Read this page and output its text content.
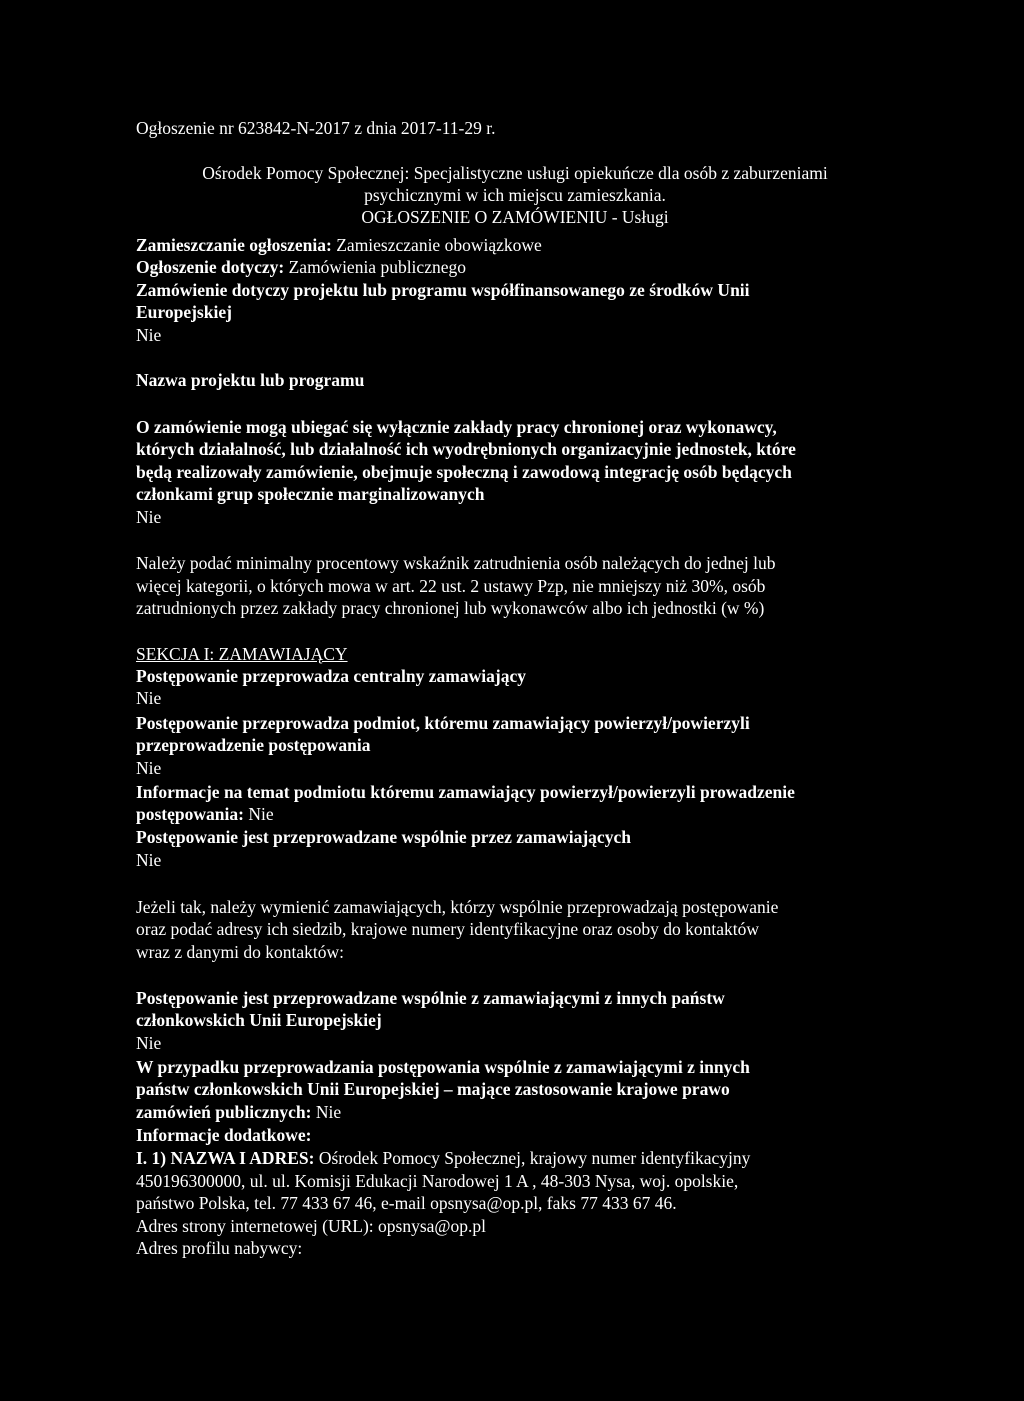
Ogłoszenie nr 623842-N-2017 z dnia 2017-11-29 r.
Ośrodek Pomocy Społecznej: Specjalistyczne usługi opiekuńcze dla osób z zaburzeniami
psychicznymi w ich miejscu zamieszkania.
OGŁOSZENIE O ZAMÓWIENIU - Usługi
Zamieszczanie ogłoszenia: Zamieszczanie obowiązkowe
Ogłoszenie dotyczy: Zamówienia publicznego
Zamówienie dotyczy projektu lub programu współfinansowanego ze środków Unii
Europejskiej
Nie
Nazwa projektu lub programu
O zamówienie mogą ubiegać się wyłącznie zakłady pracy chronionej oraz wykonawcy,
których działalność, lub działalność ich wyodrębnionych organizacyjnie jednostek, które
będą realizowały zamówienie, obejmuje społeczną i zawodową integrację osób będących
członkami grup społecznie marginalizowanych
Nie
Należy podać minimalny procentowy wskaźnik zatrudnienia osób należących do jednej lub
więcej kategorii, o których mowa w art. 22 ust. 2 ustawy Pzp, nie mniejszy niż 30%, osób
zatrudnionych przez zakłady pracy chronionej lub wykonawców albo ich jednostki (w %)
SEKCJA I: ZAMAWIAJĄCY
Postępowanie przeprowadza centralny zamawiający
Nie
Postępowanie przeprowadza podmiot, któremu zamawiający powierzył/powierzyli
przeprowadzenie postępowania
Nie
Informacje na temat podmiotu któremu zamawiający powierzył/powierzyli prowadzenie
postępowania: Nie
Postępowanie jest przeprowadzane wspólnie przez zamawiających
Nie
Jeżeli tak, należy wymienić zamawiających, którzy wspólnie przeprowadzają postępowanie
oraz podać adresy ich siedzib, krajowe numery identyfikacyjne oraz osoby do kontaktów
wraz z danymi do kontaktów:
Postępowanie jest przeprowadzane wspólnie z zamawiającymi z innych państw
członkowskich Unii Europejskiej
Nie
W przypadku przeprowadzania postępowania wspólnie z zamawiającymi z innych
państw członkowskich Unii Europejskiej – mające zastosowanie krajowe prawo
zamówień publicznych: Nie
Informacje dodatkowe:
I. 1) NAZWA I ADRES: Ośrodek Pomocy Społecznej, krajowy numer identyfikacyjny
450196300000, ul. ul. Komisji Edukacji Narodowej 1 A , 48-303 Nysa, woj. opolskie,
państwo Polska, tel. 77 433 67 46, e-mail opsnysa@op.pl, faks 77 433 67 46.
Adres strony internetowej (URL): opsnysa@op.pl
Adres profilu nabywcy:
